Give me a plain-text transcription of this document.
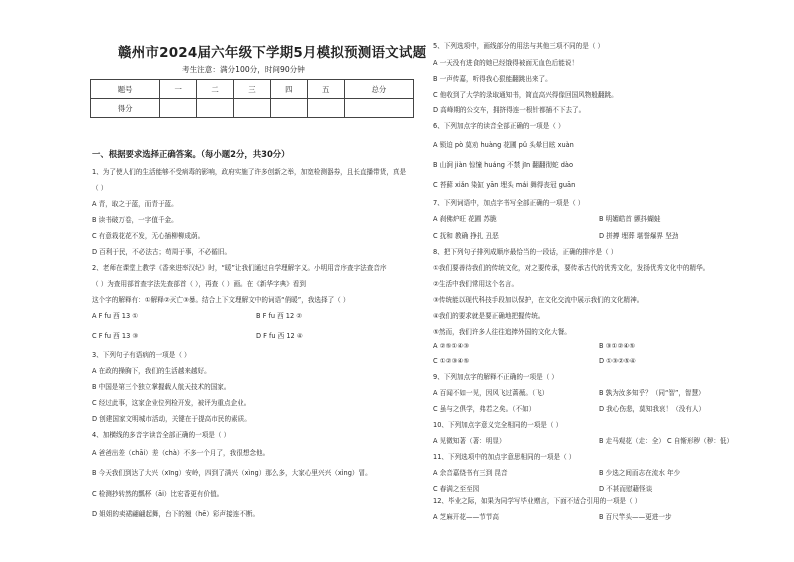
赣州市2024届六年级下学期5月模拟预测语文试题
考生注意：满分100分，时间90分钟
题号	一	二	三	四	五	总分
得分						
一、根据要求选择正确答案。（每小题2分，共30分）
1、为了使人们的生活能够不受病毒的影响，政府实施了许多创新之举，加宽检测器券，且长直播带货，真是
（ ）
A 青，取之于蓝，而青于蓝。
B 读书破万卷，一字值千金。
C 有意栽花花不发，无心插柳柳成荫。
D 百利于民，不必法古；苟周于事，不必循旧。
2、老师在课堂上教学《香来进率汉纪》时，“暖”让我们通过自学理解字义。小明用音序查字法查音序
（ ）为查用部首查字法先查部首（ ），再查（ ）画。在《新华字典》看到
这个字的解释有：①解释②灭亡③暴。结合上下文理解文中的词语“俏暖”，我选择了（ ）
A F fu 西 13 ①	B F fu 西 12 ②
C F fu 西 13 ③	D F fu 西 12 ④
3、下列句子有语病的一项是（ ）
A 在政的操胸下，我们的生活越来越好。
B 中国是第三个独立掌握载人航天技术的国家。
C 经过此事，这家企业位列检开发，被评为重点企业。
D 创建国家文明城市活动，关键在于提高市民的素质。
4、加横线的多音字读音全部正确的一项是（ ）
A 爸爸出差（chāi）差（chà）不多一个月了，我很想念他。
B 今天我们到达了大兴（xīng）安岭，四到了满兴（xìng）那么多，大家心里兴兴（xìng）冒。
C 检测抄转然的瓢杯（āi）比宏香更有价值。
D 姐姐的卖裙翩翩起舞，台下的翘（hē）彩声接连不断。
5、下列选项中，画线部分的用法与其他三项不同的是（ ）
A 一天没有进食的她已经饿得被面无血色后能说！
B 一声传嘉，听得我心狠能翻跳出来了。
C 他收到了大学的录取通知书，简直高兴得像回国风物般翻跳。
D 高峰期的公交车，拥挤得连一根针都插不下去了。
6、下列加点字的读音全部正确的一项是（ ）
A 锁迫 pò 莫劝 huàng 花圃 pǔ 头晕目眩 xuàn
B 山涧 jiàn 惊憧 huáng 不禁 jīn 翻翻彻蛇 dào
C 苔藓 xiǎn 染缸 yān 埋头 mái 舞得丧冠 guān
7、下列词语中，加点字书写全部正确的一项是（ ）
A 刹佛炉旺 花圃 苏脆	B 明媚皓首 颤抖蝴蛙
C 抚和 教确 挣扎 丑恶	D 拼搏 埋葬 堪誉爆界 坚劲
8、把下列句子排列成顺序最恰当的一段话，正确的排序是（ ）
①我们要善待我们的传统文化，对之要传承，要传承古代的优秀文化，发扬优秀文化中的精华。
②生活中我们常用这个名言。
③传统能以现代科技手段加以保护，在文化交流中展示我们的文化精神。
④我们的要求就是要正确地把握传统。
⑤然而，我们许多人往往追捧外国的文化大餐。
A ②⑤①④③	B ③①②④⑤
C ①②③④⑤	D ①③②⑤④
9、下列加点字的解释不正确的一项是（ ）
A 百闻不如一见，因风飞过蔷薇。（飞）	B 孰为汝多知乎？（同“智”，智慧）
C 虽与之俱学，弗若之矣。（不如）	D 我心伤悲，莫知我哀！（没有人）
10、下列加点字意义完全相同的一项是（ ）
A 见微知著（著：明显）	B 走马观花（走：全） C 自惭形秽（秽：低）
11、下列选项中的加点字意思相同的一项是（ ）
A 余音嘉绕书有三到 昆音	B 少选之间而志在流水 年少
C 春满之至至园	D 不甚而慰藉怪谈
12、毕业之际，如果为同学写毕业赠言，下面不适合引用的一项是（ ）
A 芝麻开花——节节高	B 百尺竿头——更进一步
